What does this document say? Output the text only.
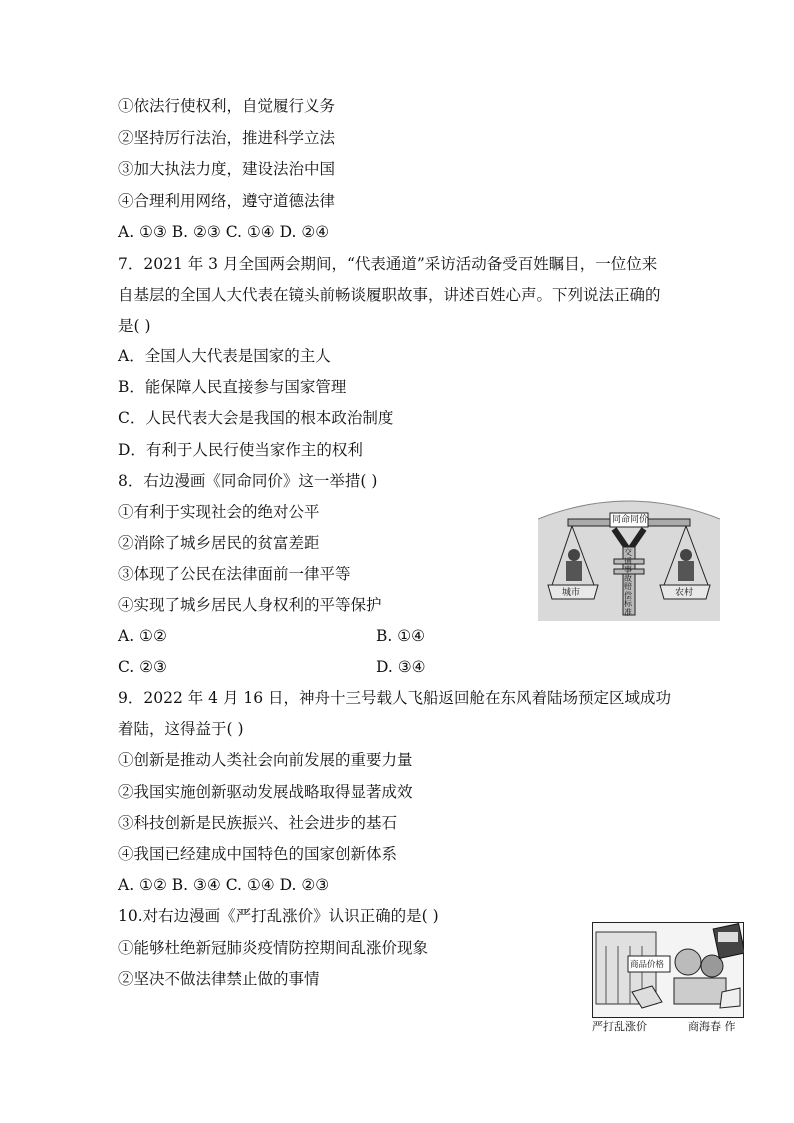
①依法行使权利，自觉履行义务
②坚持厉行法治，推进科学立法
③加大执法力度，建设法治中国
④合理利用网络，遵守道德法律
A. ①③ B. ②③ C. ①④ D. ②④
7．2021 年 3 月全国两会期间，“代表通道”采访活动备受百姓瞩目，一位位来
自基层的全国人大代表在镜头前畅谈履职故事，讲述百姓心声。下列说法正确的
是( )
A．全国人大代表是国家的主人
B．能保障人民直接参与国家管理
C．人民代表大会是我国的根本政治制度
D．有利于人民行使当家作主的权利
8．右边漫画《同命同价》这一举措( )
①有利于实现社会的绝对公平
②消除了城乡居民的贫富差距
③体现了公民在法律面前一律平等
④实现了城乡居民人身权利的平等保护
A. ①②	B. ①④
C. ②③	D. ③④
同命同价
城市	农村
交通事故赔偿标准
9．2022 年 4 月 16 日，神舟十三号载人飞船返回舱在东风着陆场预定区域成功
着陆，这得益于( )
①创新是推动人类社会向前发展的重要力量
②我国实施创新驱动发展战略取得显著成效
③科技创新是民族振兴、社会进步的基石
④我国已经建成中国特色的国家创新体系
A. ①② B. ③④ C. ①④ D. ②③
10.对右边漫画《严打乱涨价》认识正确的是( )
①能够杜绝新冠肺炎疫情防控期间乱涨价现象
②坚决不做法律禁止做的事情
商品价格
严打乱涨价	商海春 作
